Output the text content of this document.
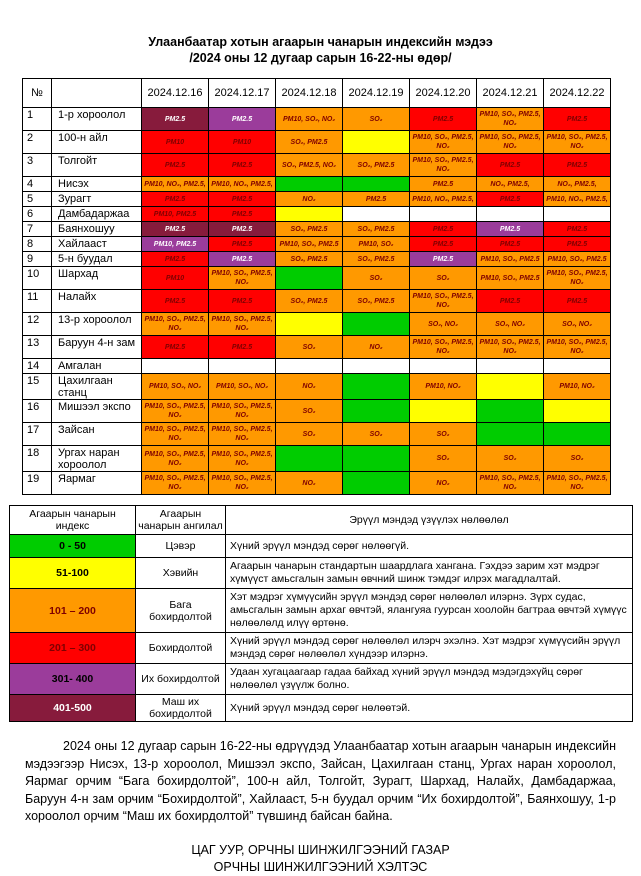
Улаанбаатар хотын агаарын чанарын индексийн мэдээ
/2024 оны 12 дугаар сарын 16-22-ны өдөр/
№		2024.12.16	2024.12.17	2024.12.18	2024.12.19	2024.12.20	2024.12.21	2024.12.22
1	1-р хороолол	PM2.5	PM2.5	PM10, SO₂, NO₂	SO₂	PM2.5	PM10, SO₂, PM2.5, NO₂	PM2.5
2	100-н айл	PM10	PM10	SO₂, PM2.5		PM10, SO₂, PM2.5, NO₂	PM10, SO₂, PM2.5, NO₂	PM10, SO₂, PM2.5, NO₂
3	Толгойт	PM2.5	PM2.5	SO₂, PM2.5, NO₂	SO₂, PM2.5	PM10, SO₂, PM2.5, NO₂	PM2.5	PM2.5
4	Нисэх	PM10, NO₂, PM2.5,	PM10, NO₂, PM2.5,			PM2.5	NO₂, PM2.5,	NO₂, PM2.5,
5	Зурагт	PM2.5	PM2.5	NO₂	PM2.5	PM10, NO₂, PM2.5,	PM2.5	PM10, NO₂, PM2.5,
6	Дамбадаржаа	PM10, PM2.5	PM2.5					
7	Баянхошуу	PM2.5	PM2.5	SO₂, PM2.5	SO₂, PM2.5	PM2.5	PM2.5	PM2.5
8	Хайлааст	PM10, PM2.5	PM2.5	PM10, SO₂, PM2.5	PM10, SO₂	PM2.5	PM2.5	PM2.5
9	5-н буудал	PM2.5	PM2.5	SO₂, PM2.5	SO₂, PM2.5	PM2.5	PM10, SO₂, PM2.5	PM10, SO₂, PM2.5
10	Шархад	PM10	PM10, SO₂, PM2.5, NO₂		SO₂	SO₂	PM10, SO₂, PM2.5	PM10, SO₂, PM2.5, NO₂
11	Налайх	PM2.5	PM2.5	SO₂, PM2.5	SO₂, PM2.5	PM10, SO₂, PM2.5, NO₂	PM2.5	PM2.5
12	13-р хороолол	PM10, SO₂, PM2.5, NO₂	PM10, SO₂, PM2.5, NO₂			SO₂, NO₂	SO₂, NO₂	SO₂, NO₂
13	Баруун 4-н зам	PM2.5	PM2.5	SO₂	NO₂	PM10, SO₂, PM2.5, NO₂	PM10, SO₂, PM2.5, NO₂	PM10, SO₂, PM2.5, NO₂
14	Амгалан							
15	Цахилгаан станц	PM10, SO₂, NO₂	PM10, SO₂, NO₂	NO₂		PM10, NO₂		PM10, NO₂
16	Мишээл экспо	PM10, SO₂, PM2.5, NO₂	PM10, SO₂, PM2.5, NO₂	SO₂				
17	Зайсан	PM10, SO₂, PM2.5, NO₂	PM10, SO₂, PM2.5, NO₂	SO₂	SO₂	SO₂		
18	Ургах наран хороолол	PM10, SO₂, PM2.5, NO₂	PM10, SO₂, PM2.5, NO₂			SO₂	SO₂	SO₂
19	Яармаг	PM10, SO₂, PM2.5, NO₂	PM10, SO₂, PM2.5, NO₂	NO₂		NO₂	PM10, SO₂, PM2.5, NO₂	PM10, SO₂, PM2.5, NO₂
Агаарын чанарын индекс	Агаарын чанарын ангилал	Эрүүл мэндэд үзүүлэх нөлөөлөл
0 - 50	Цэвэр	Хүний эрүүл мэндэд сөрөг нөлөөгүй.
51-100	Хэвийн	Агаарын чанарын стандартын шаардлага хангана. Гэхдээ зарим хэт мэдрэг хүмүүст амьсгалын замын өвчний шинж тэмдэг илрэх магадлалтай.
101 – 200	Бага бохирдолтой	Хэт мэдрэг хүмүүсийн эрүүл мэндэд сөрөг нөлөөлөл илэрнэ. Зүрх судас, амьсгалын замын архаг өвчтэй, ялангуяа гуурсан хоолойн багтраа өвчтэй хүмүүс нөлөөлөлд илүү өртөнө.
201 – 300	Бохирдолтой	Хүний эрүүл мэндэд сөрөг нөлөөлөл илэрч эхэлнэ. Хэт мэдрэг хүмүүсийн эрүүл мэндэд сөрөг нөлөөлөл хүндээр илэрнэ.
301- 400	Их бохирдолтой	Удаан хугацаагаар гадаа байхад хүний эрүүл мэндэд мэдэгдэхүйц сөрөг нөлөөлөл үзүүлж болно.
401-500	Маш их бохирдолтой	Хүний эрүүл мэндэд сөрөг нөлөөтэй.
2024 оны 12 дугаар сарын 16-22-ны өдрүүдэд Улаанбаатар хотын агаарын чанарын индексийн мэдээгээр Нисэх, 13-р хороолол, Мишээл экспо, Зайсан, Цахилгаан станц, Ургах наран хороолол, Яармаг орчим “Бага бохирдолтой”, 100-н айл, Толгойт, Зурагт, Шархад, Налайх, Дамбадаржаа, Баруун 4-н зам орчим “Бохирдолтой”, Хайлааст, 5-н буудал орчим “Их бохирдолтой”, Баянхошуу, 1-р хороолол орчим “Маш их бохирдолтой” түвшинд байсан байна.
ЦАГ УУР, ОРЧНЫ ШИНЖИЛГЭЭНИЙ ГАЗАР
ОРЧНЫ ШИНЖИЛГЭЭНИЙ ХЭЛТЭС
